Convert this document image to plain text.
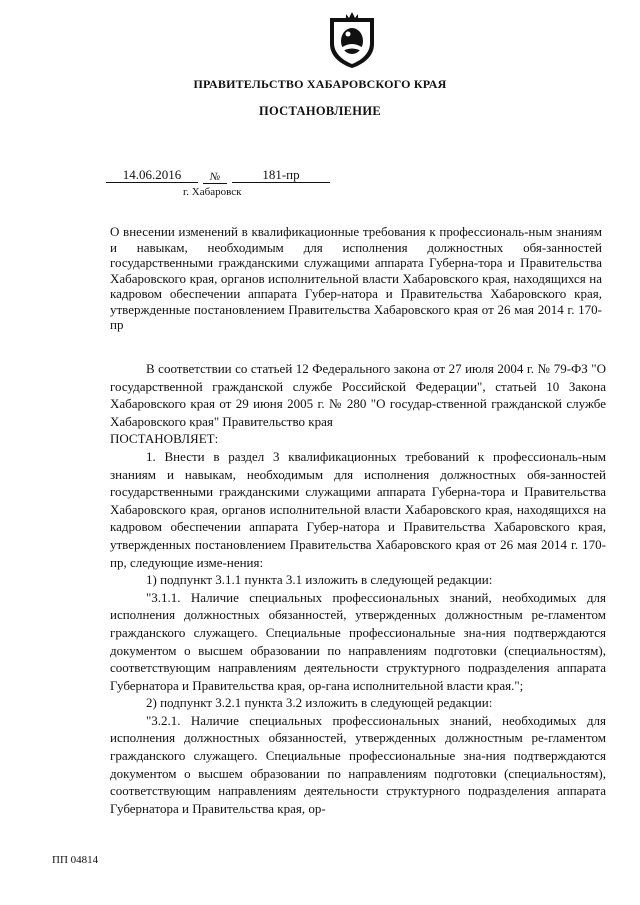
ПРАВИТЕЛЬСТВО ХАБАРОВСКОГО КРАЯ
ПОСТАНОВЛЕНИЕ
14.06.2016	№	181-пр
г. Хабаровск
О внесении изменений в квалификационные требования к профессиональ-ным знаниям и навыкам, необходимым для исполнения должностных обя-занностей государственными гражданскими служащими аппарата Губерна-тора и Правительства Хабаровского края, органов исполнительной власти Хабаровского края, находящихся на кадровом обеспечении аппарата Губер-натора и Правительства Хабаровского края, утвержденные постановлением Правительства Хабаровского края от 26 мая 2014 г. 170-пр

В соответствии со статьей 12 Федерального закона от 27 июля 2004 г. № 79-ФЗ "О государственной гражданской службе Российской Федерации", статьей 10 Закона Хабаровского края от 29 июня 2005 г. № 280 "О государ-ственной гражданской службе Хабаровского края" Правительство края

ПОСТАНОВЛЯЕТ:

1. Внести в раздел 3 квалификационных требований к профессиональ-ным знаниям и навыкам, необходимым для исполнения должностных обя-занностей государственными гражданскими служащими аппарата Губерна-тора и Правительства Хабаровского края, органов исполнительной власти Хабаровского края, находящихся на кадровом обеспечении аппарата Губер-натора и Правительства Хабаровского края, утвержденных постановлением Правительства Хабаровского края от 26 мая 2014 г. 170-пр, следующие изме-нения:

1) подпункт 3.1.1 пункта 3.1 изложить в следующей редакции:

"3.1.1. Наличие специальных профессиональных знаний, необходимых для исполнения должностных обязанностей, утвержденных должностным ре-гламентом гражданского служащего. Специальные профессиональные зна-ния подтверждаются документом о высшем образовании по направлениям подготовки (специальностям), соответствующим направлениям деятельности структурного подразделения аппарата Губернатора и Правительства края, ор-гана исполнительной власти края.";

2) подпункт 3.2.1 пункта 3.2 изложить в следующей редакции:

"3.2.1. Наличие специальных профессиональных знаний, необходимых для исполнения должностных обязанностей, утвержденных должностным ре-гламентом гражданского служащего. Специальные профессиональные зна-ния подтверждаются документом о высшем образовании по направлениям подготовки (специальностям), соответствующим направлениям деятельности структурного подразделения аппарата Губернатора и Правительства края, ор-

ПП 04814
